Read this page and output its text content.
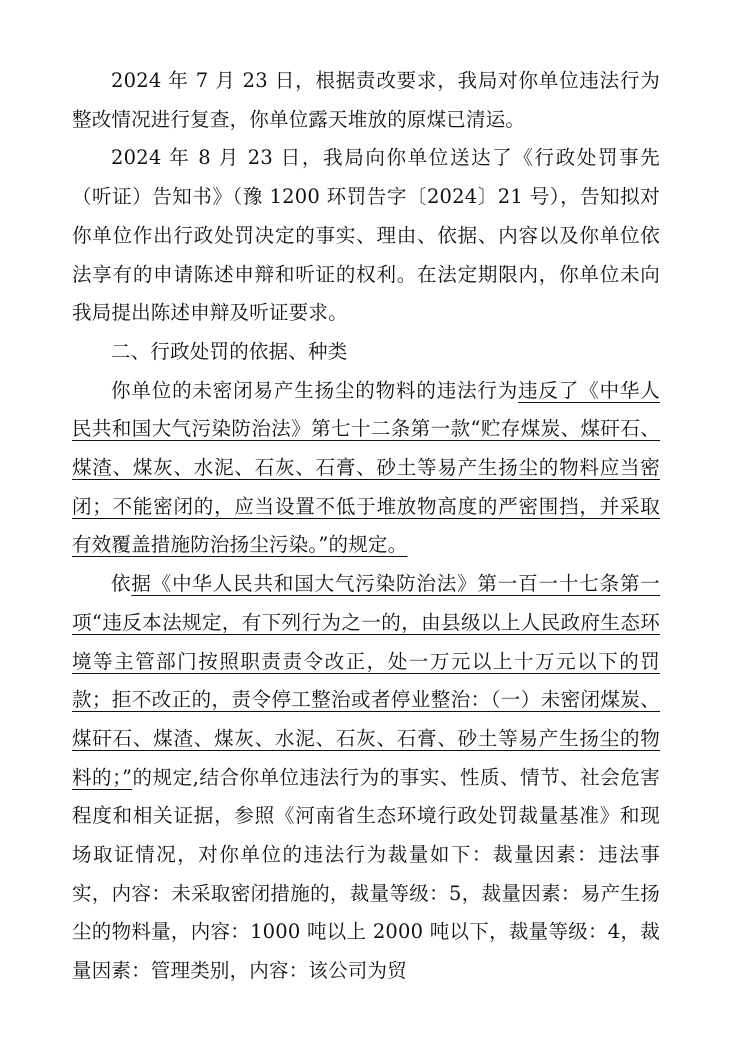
2024 年 7 月 23 日，根据责改要求，我局对你单位违法行为整改情况进行复查，你单位露天堆放的原煤已清运。

2024 年 8 月 23 日，我局向你单位送达了《行政处罚事先（听证）告知书》（豫 1200 环罚告字〔2024〕21 号），告知拟对你单位作出行政处罚决定的事实、理由、依据、内容以及你单位依法享有的申请陈述申辩和听证的权利。在法定期限内，你单位未向我局提出陈述申辩及听证要求。

二、行政处罚的依据、种类

你单位的未密闭易产生扬尘的物料的违法行为违反了《中华人民共和国大气污染防治法》第七十二条第一款“贮存煤炭、煤矸石、煤渣、煤灰、水泥、石灰、石膏、砂土等易产生扬尘的物料应当密闭；不能密闭的，应当设置不低于堆放物高度的严密围挡，并采取有效覆盖措施防治扬尘污染。”的规定。

依据《中华人民共和国大气污染防治法》第一百一十七条第一项“违反本法规定，有下列行为之一的，由县级以上人民政府生态环境等主管部门按照职责责令改正，处一万元以上十万元以下的罚款；拒不改正的，责令停工整治或者停业整治：（一）未密闭煤炭、煤矸石、煤渣、煤灰、水泥、石灰、石膏、砂土等易产生扬尘的物料的；”的规定,结合你单位违法行为的事实、性质、情节、社会危害程度和相关证据，参照《河南省生态环境行政处罚裁量基准》和现场取证情况，对你单位的违法行为裁量如下：裁量因素：违法事实，内容：未采取密闭措施的，裁量等级：5，裁量因素：易产生扬尘的物料量，内容：1000 吨以上 2000 吨以下，裁量等级：4，裁量因素：管理类别，内容：该公司为贸
